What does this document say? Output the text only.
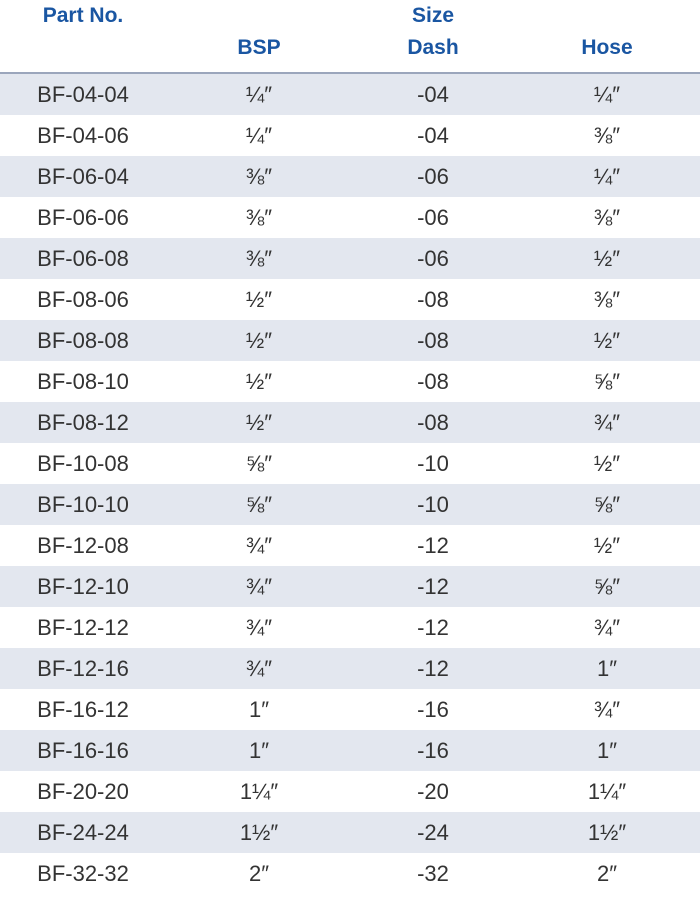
Part No.	Size
BSP	Dash	Hose
BF-04-04	¼″	-04	¼″
BF-04-06	¼″	-04	⅜″
BF-06-04	⅜″	-06	¼″
BF-06-06	⅜″	-06	⅜″
BF-06-08	⅜″	-06	½″
BF-08-06	½″	-08	⅜″
BF-08-08	½″	-08	½″
BF-08-10	½″	-08	⅝″
BF-08-12	½″	-08	¾″
BF-10-08	⅝″	-10	½″
BF-10-10	⅝″	-10	⅝″
BF-12-08	¾″	-12	½″
BF-12-10	¾″	-12	⅝″
BF-12-12	¾″	-12	¾″
BF-12-16	¾″	-12	1″
BF-16-12	1″	-16	¾″
BF-16-16	1″	-16	1″
BF-20-20	1¼″	-20	1¼″
BF-24-24	1½″	-24	1½″
BF-32-32	2″	-32	2″
